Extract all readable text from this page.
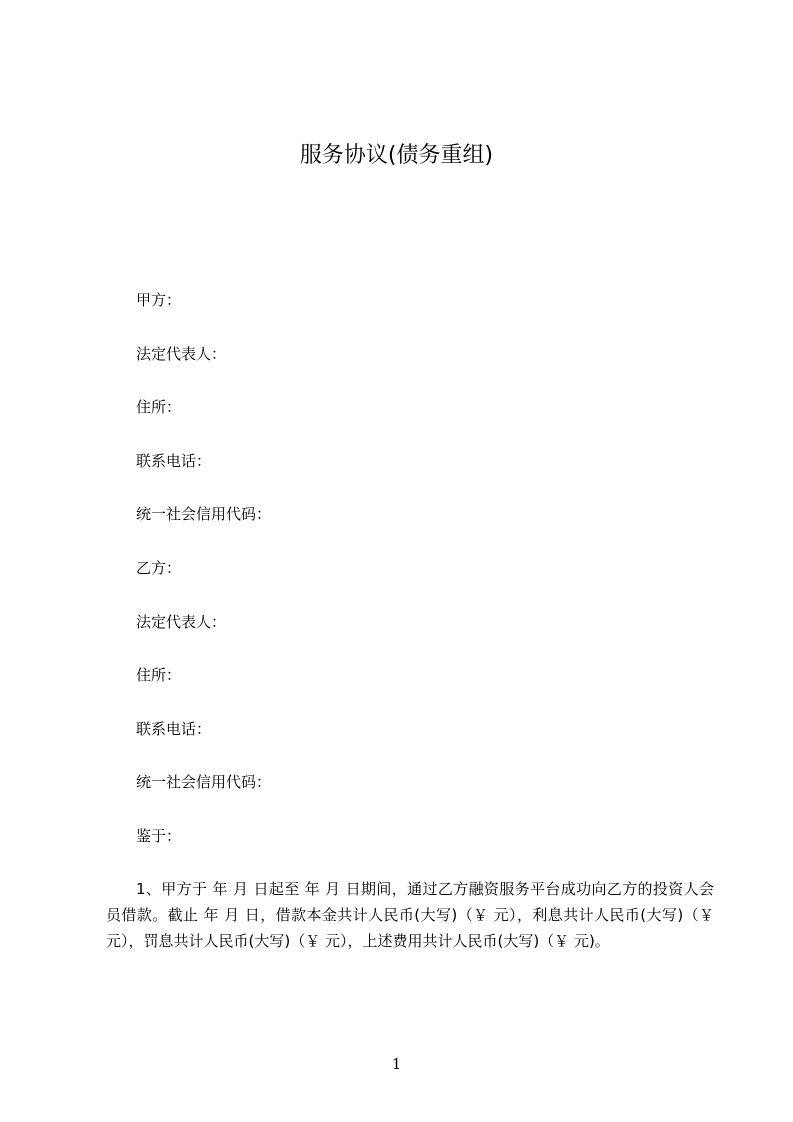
服务协议(债务重组)
甲方：
法定代表人：
住所：
联系电话：
统一社会信用代码：
乙方：
法定代表人：
住所：
联系电话：
统一社会信用代码：
鉴于：
1、甲方于 年 月 日起至 年 月 日期间，通过乙方融资服务平台成功向乙方的投资人会员借款。截止 年 月 日，借款本金共计人民币(大写)（￥ 元），利息共计人民币(大写)（￥ 元），罚息共计人民币(大写)（￥ 元），上述费用共计人民币(大写)（￥ 元)。
1
